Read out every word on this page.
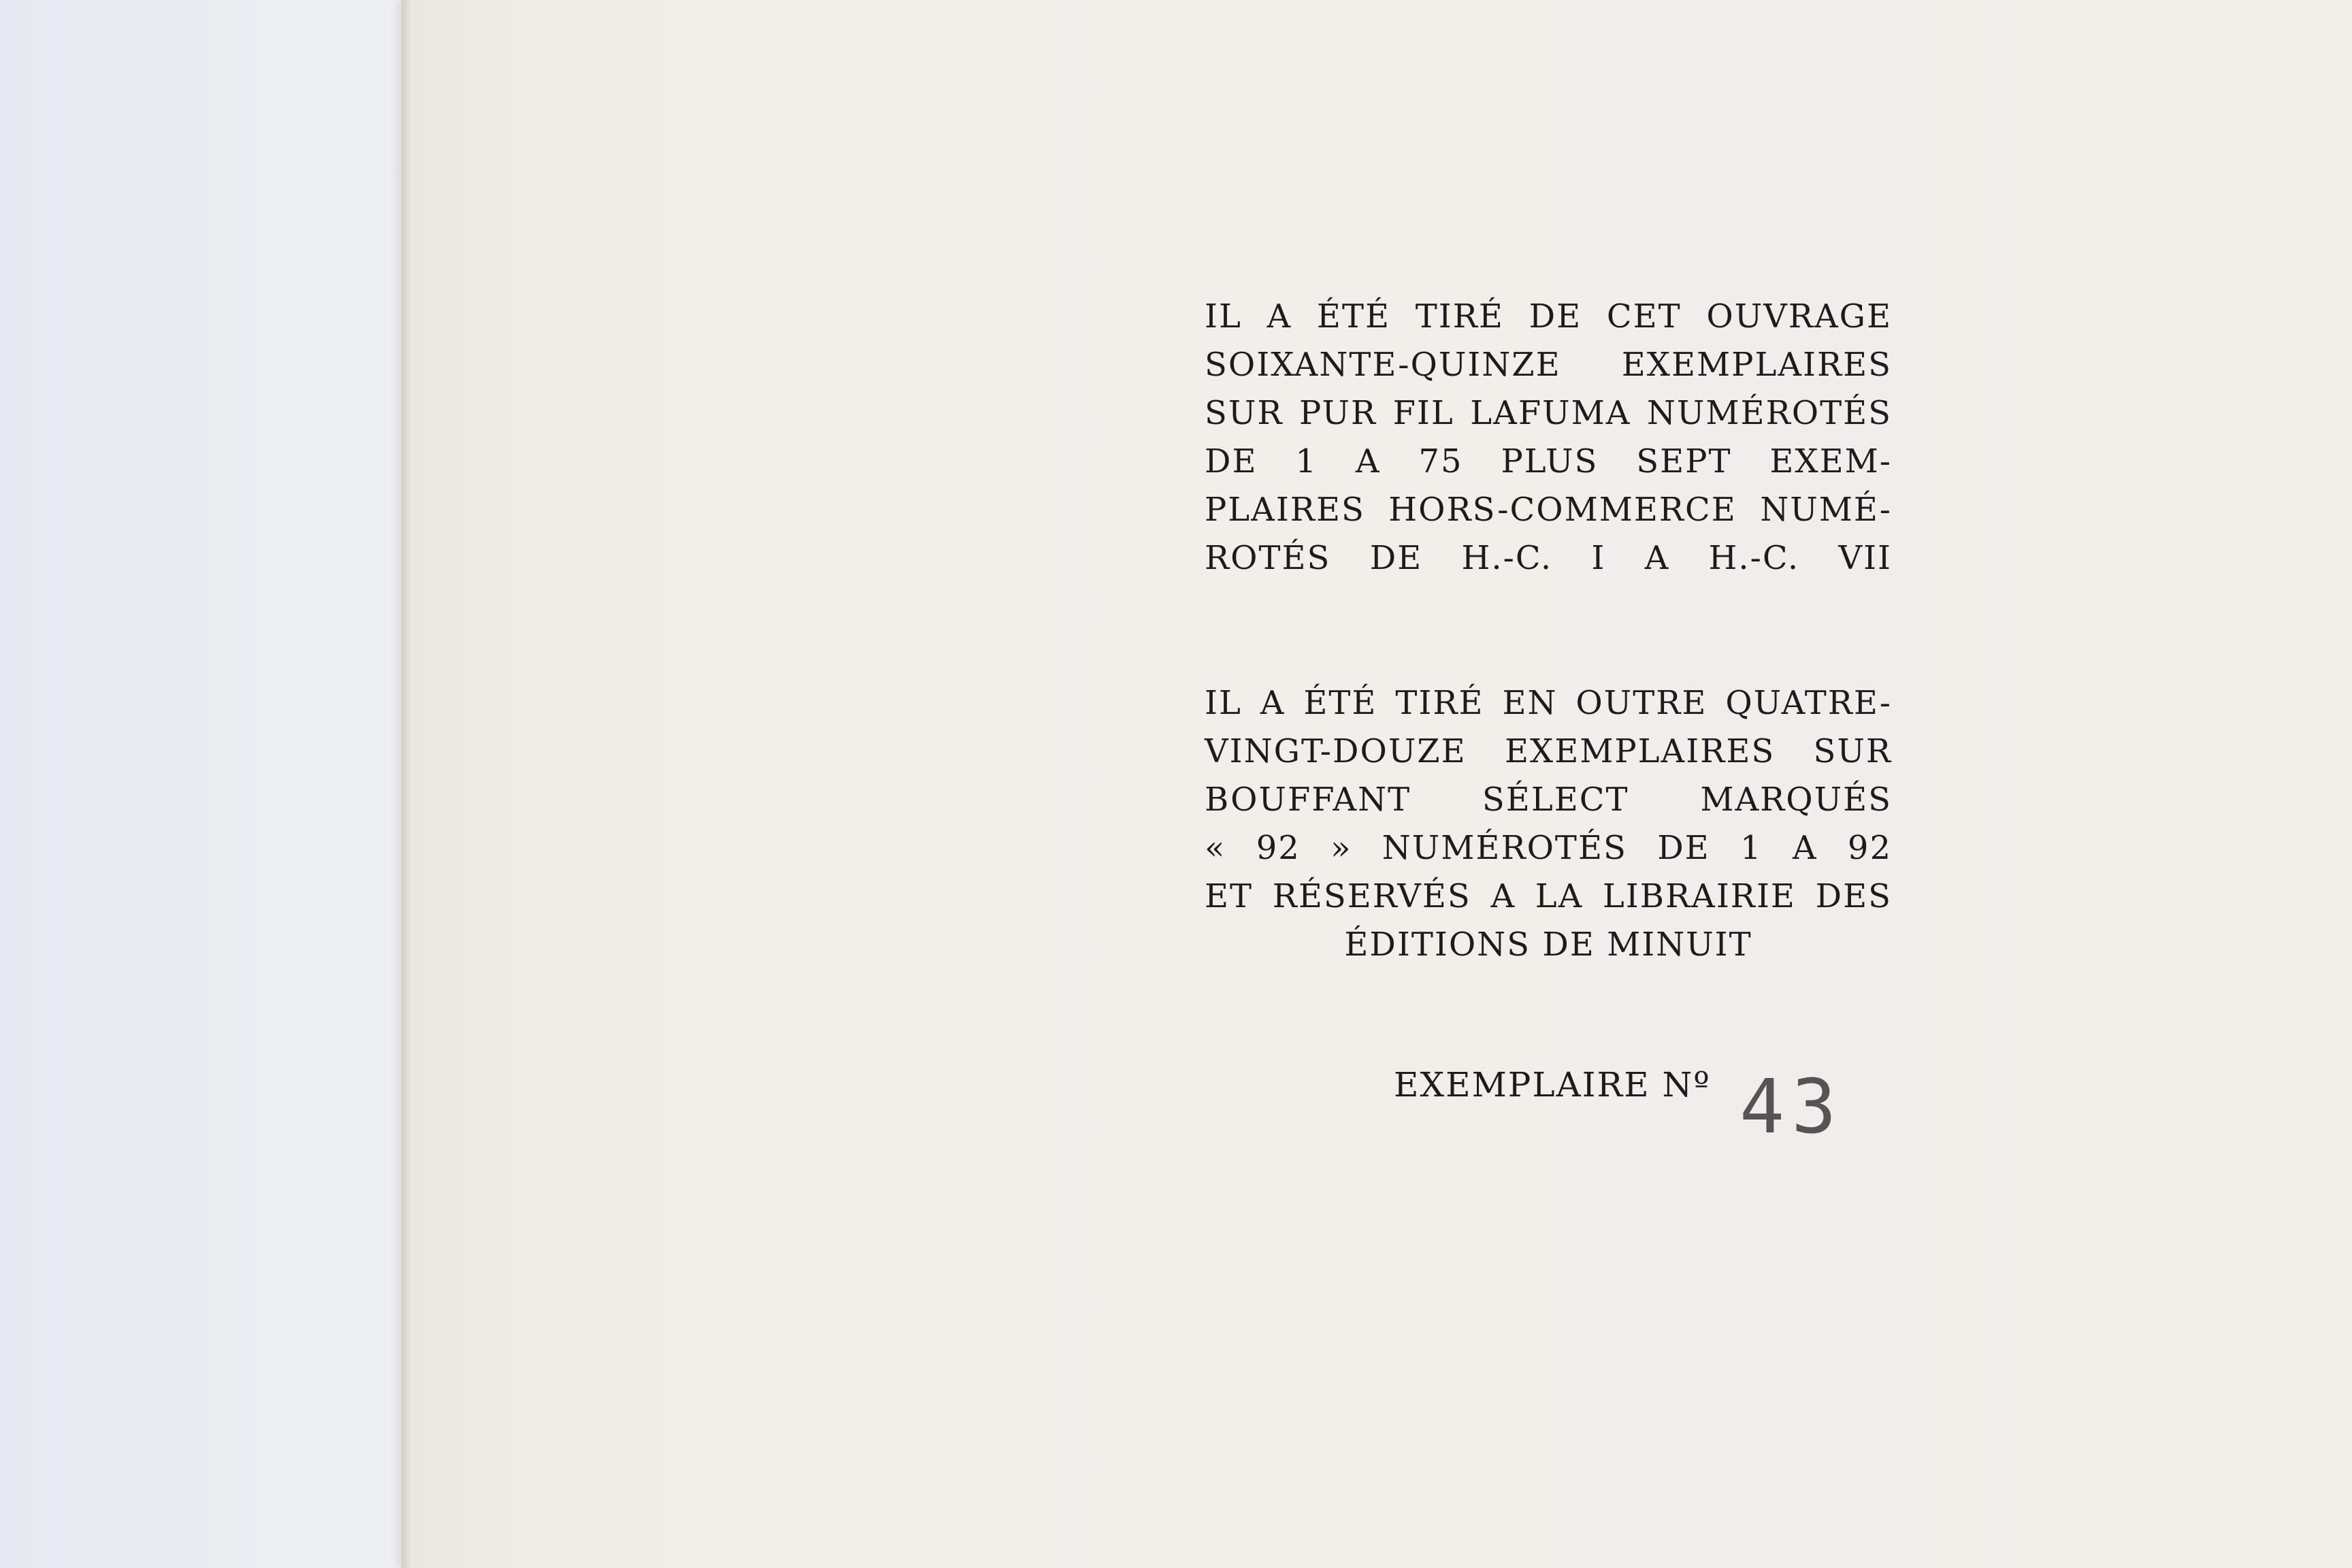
IL A ÉTÉ TIRÉ DE CET OUVRAGE
SOIXANTE-QUINZE EXEMPLAIRES
SUR PUR FIL LAFUMA NUMÉROTÉS
DE 1 A 75 PLUS SEPT EXEM-
PLAIRES HORS-COMMERCE NUMÉ-
ROTÉS DE H.-C. I A H.-C. VII
IL A ÉTÉ TIRÉ EN OUTRE QUATRE-
VINGT-DOUZE EXEMPLAIRES SUR
BOUFFANT SÉLECT MARQUÉS
« 92 » NUMÉROTÉS DE 1 A 92
ET RÉSERVÉS A LA LIBRAIRIE DES
ÉDITIONS DE MINUIT
EXEMPLAIRE Nº 43
